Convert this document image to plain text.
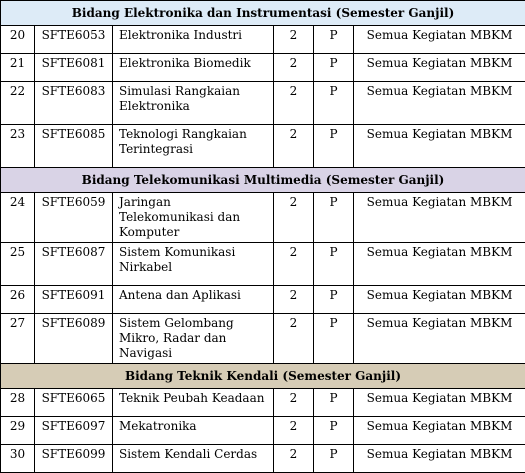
Bidang Elektronika dan Instrumentasi (Semester Ganjil)					
20	SFTE6053	Elektronika Industri	2	P	Semua Kegiatan MBKM
21	SFTE6081	Elektronika Biomedik	2	P	Semua Kegiatan MBKM
22	SFTE6083	Simulasi Rangkaian Elektronika	2	P	Semua Kegiatan MBKM
23	SFTE6085	Teknologi Rangkaian Terintegrasi	2	P	Semua Kegiatan MBKM
Bidang Telekomunikasi Multimedia (Semester Ganjil)					
24	SFTE6059	Jaringan Telekomunikasi dan Komputer	2	P	Semua Kegiatan MBKM
25	SFTE6087	Sistem Komunikasi Nirkabel	2	P	Semua Kegiatan MBKM
26	SFTE6091	Antena dan Aplikasi	2	P	Semua Kegiatan MBKM
27	SFTE6089	Sistem Gelombang Mikro, Radar dan Navigasi	2	P	Semua Kegiatan MBKM
Bidang Teknik Kendali (Semester Ganjil)					
28	SFTE6065	Teknik Peubah Keadaan	2	P	Semua Kegiatan MBKM
29	SFTE6097	Mekatronika	2	P	Semua Kegiatan MBKM
30	SFTE6099	Sistem Kendali Cerdas	2	P	Semua Kegiatan MBKM
